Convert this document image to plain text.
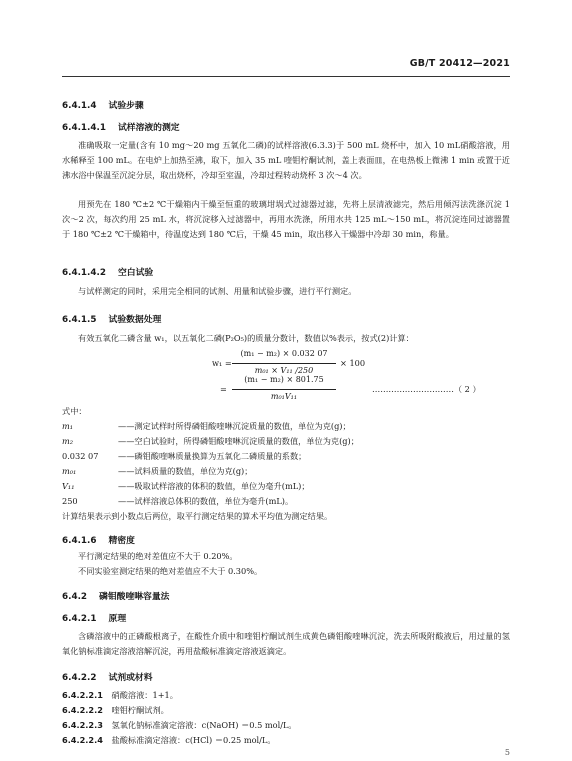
GB/T 20412—2021
6.4.1.4 试验步骤
6.4.1.4.1 试样溶液的测定
准确吸取一定量(含有 10 mg～20 mg 五氧化二磷)的试样溶液(6.3.3)于 500 mL 烧杯中，加入 10 mL硝酸溶液，用水稀释至 100 mL。在电炉上加热至沸，取下，加入 35 mL 喹钼柠酮试剂，盖上表面皿，在电热板上微沸 1 min 或置于近沸水浴中保温至沉淀分层，取出烧杯，冷却至室温，冷却过程转动烧杯 3 次～4 次。
用预先在 180 ℃±2 ℃干燥箱内干燥至恒重的玻璃坩埚式过滤器过滤，先将上层清液滤完，然后用倾泻法洗涤沉淀 1 次～2 次，每次约用 25 mL 水，将沉淀移入过滤器中，再用水洗涤，所用水共 125 mL～150 mL，将沉淀连同过滤器置于 180 ℃±2 ℃干燥箱中，待温度达到 180 ℃后，干燥 45 min，取出移入干燥器中冷却 30 min，称量。
6.4.1.4.2 空白试验
与试样测定的同时，采用完全相同的试剂、用量和试验步骤，进行平行测定。
6.4.1.5 试验数据处理
有效五氧化二磷含量 w₁，以五氧化二磷(P₂O₅)的质量分数计，数值以%表示，按式(2)计算：
w₁ =
(m₁ − m₂) × 0.032 07
m₀₁ × V₁₁ /250
× 100
=
(m₁ − m₂) × 801.75
m₀₁V₁₁
…………………………（ 2 ）
式中：
m₁	——测定试样时所得磷钼酸喹啉沉淀质量的数值，单位为克(g)；
m₂	——空白试验时，所得磷钼酸喹啉沉淀质量的数值，单位为克(g)；
0.032 07 ——磷钼酸喹啉质量换算为五氧化二磷质量的系数；
m₀₁	——试料质量的数值，单位为克(g)；
V₁₁	——吸取试样溶液的体积的数值，单位为毫升(mL)；
250	——试样溶液总体积的数值，单位为毫升(mL)。
计算结果表示到小数点后两位，取平行测定结果的算术平均值为测定结果。
6.4.1.6 精密度
平行测定结果的绝对差值应不大于 0.20%。
不同实验室测定结果的绝对差值应不大于 0.30%。
6.4.2 磷钼酸喹啉容量法
6.4.2.1 原理
含磷溶液中的正磷酸根离子，在酸性介质中和喹钼柠酮试剂生成黄色磷钼酸喹啉沉淀，洗去所吸附酸液后，用过量的氢氧化钠标准滴定溶液溶解沉淀，再用盐酸标准滴定溶液返滴定。
6.4.2.2 试剂或材料
6.4.2.2.1 硝酸溶液：1+1。
6.4.2.2.2 喹钼柠酮试剂。
6.4.2.2.3 氢氧化钠标准滴定溶液：c(NaOH) ＝0.5 mol/L。
6.4.2.2.4 盐酸标准滴定溶液：c(HCl) ＝0.25 mol/L。
5
